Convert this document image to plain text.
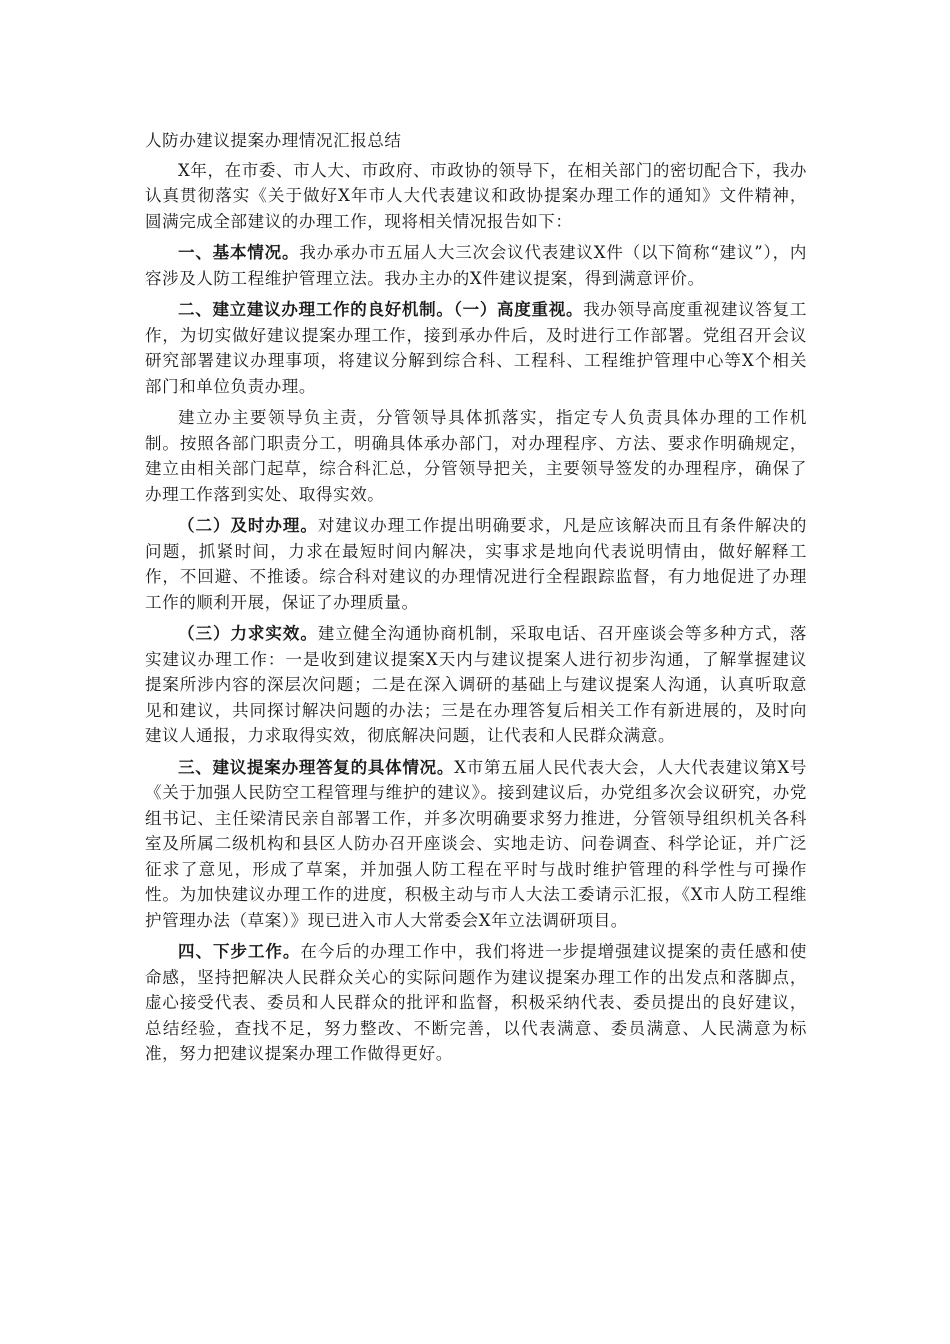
人防办建议提案办理情况汇报总结

X年，在市委、市人大、市政府、市政协的领导下，在相关部门的密切配合下，我办认真贯彻落实《关于做好X年市人大代表建议和政协提案办理工作的通知》文件精神，圆满完成全部建议的办理工作，现将相关情况报告如下：

一、基本情况。我办承办市五届人大三次会议代表建议X件（以下简称“建议”），内容涉及人防工程维护管理立法。我办主办的X件建议提案，得到满意评价。

二、建立建议办理工作的良好机制。（一）高度重视。我办领导高度重视建议答复工作，为切实做好建议提案办理工作，接到承办件后，及时进行工作部署。党组召开会议研究部署建议办理事项，将建议分解到综合科、工程科、工程维护管理中心等X个相关部门和单位负责办理。

建立办主要领导负主责，分管领导具体抓落实，指定专人负责具体办理的工作机制。按照各部门职责分工，明确具体承办部门，对办理程序、方法、要求作明确规定，建立由相关部门起草，综合科汇总，分管领导把关，主要领导签发的办理程序，确保了办理工作落到实处、取得实效。

（二）及时办理。对建议办理工作提出明确要求，凡是应该解决而且有条件解决的问题，抓紧时间，力求在最短时间内解决，实事求是地向代表说明情由，做好解释工作，不回避、不推诿。综合科对建议的办理情况进行全程跟踪监督，有力地促进了办理工作的顺利开展，保证了办理质量。

（三）力求实效。建立健全沟通协商机制，采取电话、召开座谈会等多种方式，落实建议办理工作：一是收到建议提案X天内与建议提案人进行初步沟通，了解掌握建议提案所涉内容的深层次问题；二是在深入调研的基础上与建议提案人沟通，认真听取意见和建议，共同探讨解决问题的办法；三是在办理答复后相关工作有新进展的，及时向建议人通报，力求取得实效，彻底解决问题，让代表和人民群众满意。

三、建议提案办理答复的具体情况。X市第五届人民代表大会，人大代表建议第X号《关于加强人民防空工程管理与维护的建议》。接到建议后，办党组多次会议研究，办党组书记、主任梁清民亲自部署工作，并多次明确要求努力推进，分管领导组织机关各科室及所属二级机构和县区人防办召开座谈会、实地走访、问卷调查、科学论证，并广泛征求了意见，形成了草案，并加强人防工程在平时与战时维护管理的科学性与可操作性。为加快建议办理工作的进度，积极主动与市人大法工委请示汇报，《X市人防工程维护管理办法（草案）》现已进入市人大常委会X年立法调研项目。

四、下步工作。在今后的办理工作中，我们将进一步提增强建议提案的责任感和使命感，坚持把解决人民群众关心的实际问题作为建议提案办理工作的出发点和落脚点，虚心接受代表、委员和人民群众的批评和监督，积极采纳代表、委员提出的良好建议，总结经验，查找不足，努力整改、不断完善，以代表满意、委员满意、人民满意为标准，努力把建议提案办理工作做得更好。
